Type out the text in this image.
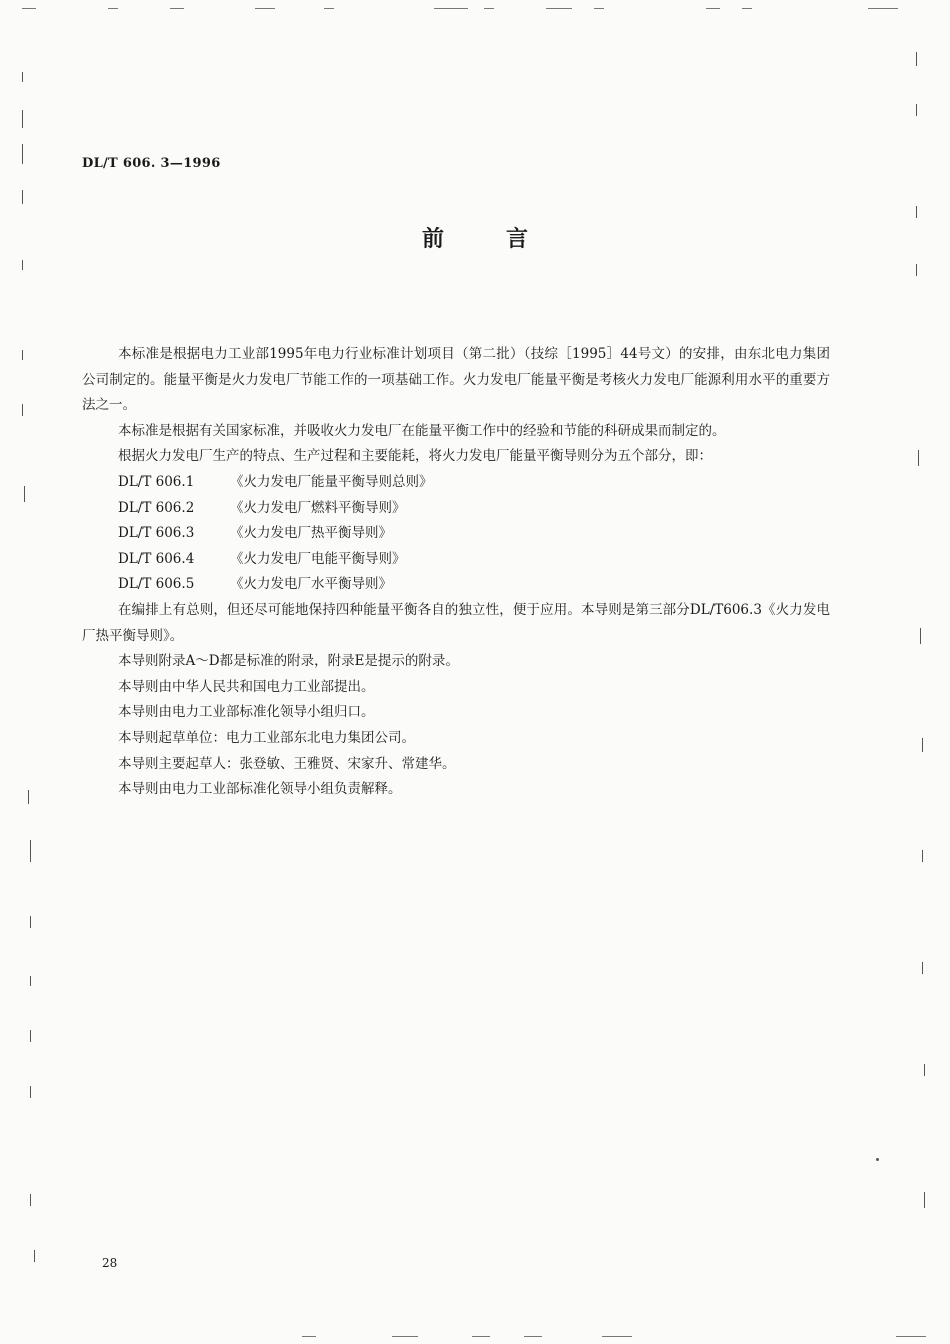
DL/T 606. 3—1996
前	言
本标准是根据电力工业部1995年电力行业标准计划项目（第二批）（技综［1995］44号文）的安排，由东北电力集团公司制定的。能量平衡是火力发电厂节能工作的一项基础工作。火力发电厂能量平衡是考核火力发电厂能源利用水平的重要方法之一。
本标准是根据有关国家标准，并吸收火力发电厂在能量平衡工作中的经验和节能的科研成果而制定的。
根据火力发电厂生产的特点、生产过程和主要能耗，将火力发电厂能量平衡导则分为五个部分，即：
DL/T 606.1	《火力发电厂能量平衡导则总则》
DL/T 606.2	《火力发电厂燃料平衡导则》
DL/T 606.3	《火力发电厂热平衡导则》
DL/T 606.4	《火力发电厂电能平衡导则》
DL/T 606.5	《火力发电厂水平衡导则》
在编排上有总则，但还尽可能地保持四种能量平衡各自的独立性，便于应用。本导则是第三部分DL/T606.3《火力发电厂热平衡导则》。
本导则附录A～D都是标准的附录，附录E是提示的附录。
本导则由中华人民共和国电力工业部提出。
本导则由电力工业部标准化领导小组归口。
本导则起草单位：电力工业部东北电力集团公司。
本导则主要起草人：张登敏、王雅贤、宋家升、常建华。
本导则由电力工业部标准化领导小组负责解释。
28
